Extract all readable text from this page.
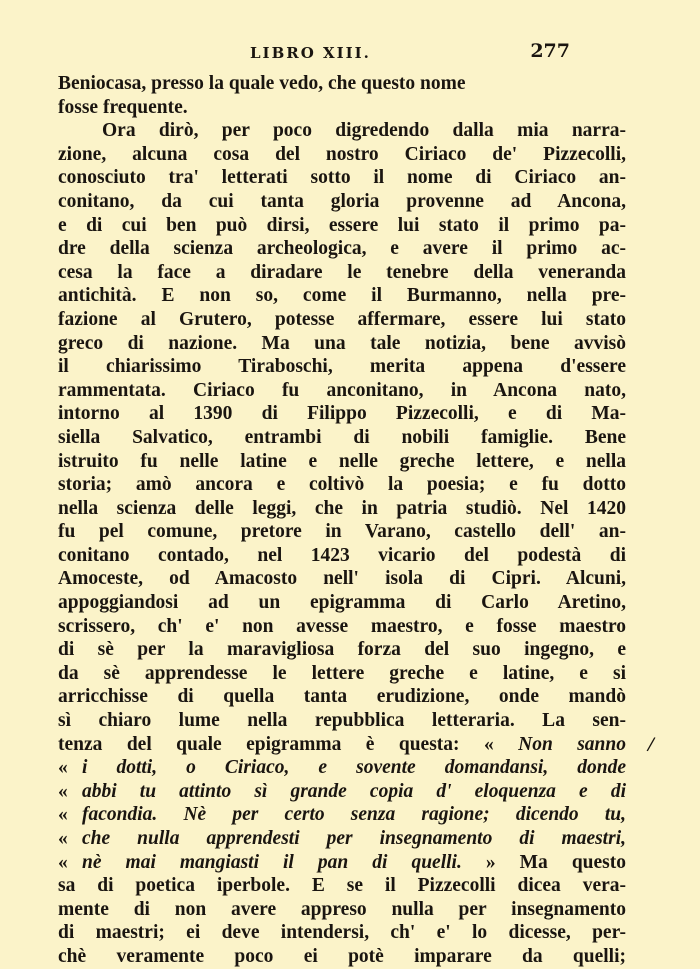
LIBRO XIII.	277
Beniocasa, presso la quale vedo, che questo nome
fosse frequente.
Ora dirò, per poco digredendo dalla mia narra-
zione, alcuna cosa del nostro Ciriaco de' Pizzecolli,
conosciuto tra' letterati sotto il nome di Ciriaco an-
conitano, da cui tanta gloria provenne ad Ancona,
e di cui ben può dirsi, essere lui stato il primo pa-
dre della scienza archeologica, e avere il primo ac-
cesa la face a diradare le tenebre della veneranda
antichità. E non so, come il Burmanno, nella pre-
fazione al Grutero, potesse affermare, essere lui stato
greco di nazione. Ma una tale notizia, bene avvisò
il chiarissimo Tiraboschi, merita appena d'essere
rammentata. Ciriaco fu anconitano, in Ancona nato,
intorno al 1390 di Filippo Pizzecolli, e di Ma-
siella Salvatico, entrambi di nobili famiglie. Bene
istruito fu nelle latine e nelle greche lettere, e nella
storia; amò ancora e coltivò la poesia; e fu dotto
nella scienza delle leggi, che in patria studiò. Nel 1420
fu pel comune, pretore in Varano, castello dell' an-
conitano contado, nel 1423 vicario del podestà di
Amoceste, od Amacosto nell' isola di Cipri. Alcuni,
appoggiandosi ad un epigramma di Carlo Aretino,
scrissero, ch' e' non avesse maestro, e fosse maestro
di sè per la maravigliosa forza del suo ingegno, e
da sè apprendesse le lettere greche e latine, e si
arricchisse di quella tanta erudizione, onde mandò
sì chiaro lume nella repubblica letteraria. La sen-
tenza del quale epigramma è questa: « Non sanno
« i dotti, o Ciriaco, e sovente domandansi, donde
« abbi tu attinto sì grande copia d' eloquenza e di
« facondia. Nè per certo senza ragione; dicendo tu,
« che nulla apprendesti per insegnamento di maestri,
« nè mai mangiasti il pan di quelli. » Ma questo
sa di poetica iperbole. E se il Pizzecolli dicea vera-
mente di non avere appreso nulla per insegnamento
di maestri; ei deve intendersi, ch' e' lo dicesse, per-
chè veramente poco ei potè imparare da quelli;
/
